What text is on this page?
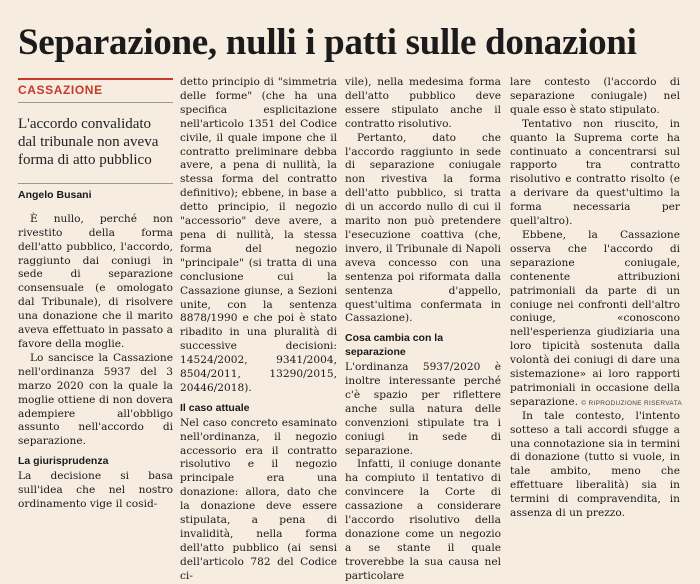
Separazione, nulli i patti sulle donazioni
CASSAZIONE
L'accordo convalidato dal tribunale non aveva forma di atto pubblico
Angelo Busani

È nullo, perché non rivestito della forma dell'atto pubblico, l'accordo, raggiunto dai coniugi in sede di separazione consensuale (e omologato dal Tribunale), di risolvere una donazione che il marito aveva effettuato in passato a favore della moglie.

Lo sancisce la Cassazione nell'ordinanza 5937 del 3 marzo 2020 con la quale la moglie ottiene di non dovera adempiere all'obbligo assunto nell'accordo di separazione.

La giurisprudenza

La decisione si basa sull'idea che nel nostro ordinamento vige il cosid-

detto principio di "simmetria delle forme" (che ha una specifica esplicitazione nell'articolo 1351 del Codice civile, il quale impone che il contratto preliminare debba avere, a pena di nullità, la stessa forma del contratto definitivo); ebbene, in base a detto principio, il negozio "accessorio" deve avere, a pena di nullità, la stessa forma del negozio "principale" (si tratta di una conclusione cui la Cassazione giunse, a Sezioni unite, con la sentenza 8878/1990 e che poi è stato ribadito in una pluralità di successive decisioni: 14524/2002, 9341/2004, 8504/2011, 13290/2015, 20446/2018).

Il caso attuale

Nel caso concreto esaminato nell'ordinanza, il negozio accessorio era il contratto risolutivo e il negozio principale era una donazione: allora, dato che la donazione deve essere stipulata, a pena di invalidità, nella forma dell'atto pubblico (ai sensi dell'articolo 782 del Codice ci-

vile), nella medesima forma dell'atto pubblico deve essere stipulato anche il contratto risolutivo.

Pertanto, dato che l'accordo raggiunto in sede di separazione coniugale non rivestiva la forma dell'atto pubblico, si tratta di un accordo nullo di cui il marito non può pretendere l'esecuzione coattiva (che, invero, il Tribunale di Napoli aveva concesso con una sentenza poi riformata dalla sentenza d'appello, quest'ultima confermata in Cassazione).

Cosa cambia con la separazione

L'ordinanza 5937/2020 è inoltre interessante perché c'è spazio per riflettere anche sulla natura delle convenzioni stipulate tra i coniugi in sede di separazione.

Infatti, il coniuge donante ha compiuto il tentativo di convincere la Corte di cassazione a considerare l'accordo risolutivo della donazione come un negozio a se stante il quale troverebbe la sua causa nel particolare

lare contesto (l'accordo di separazione coniugale) nel quale esso è stato stipulato.

Tentativo non riuscito, in quanto la Suprema corte ha continuato a concentrarsi sul rapporto tra contratto risolutivo e contratto risolto (e a derivare da quest'ultimo la forma necessaria per quell'altro).

Ebbene, la Cassazione osserva che l'accordo di separazione coniugale, contenente attribuzioni patrimoniali da parte di un coniuge nei confronti dell'altro coniuge, «conoscono nell'esperienza giudiziaria una loro tipicità sostenuta dalla volontà dei coniugi di dare una sistemazione» ai loro rapporti patrimoniali in occasione della separazione.

In tale contesto, l'intento sotteso a tali accordi sfugge a una connotazione sia in termini di donazione (tutto si vuole, in tale ambito, meno che effettuare liberalità) sia in termini di compravendita, in assenza di un prezzo.

© RIPRODUZIONE RISERVATA
